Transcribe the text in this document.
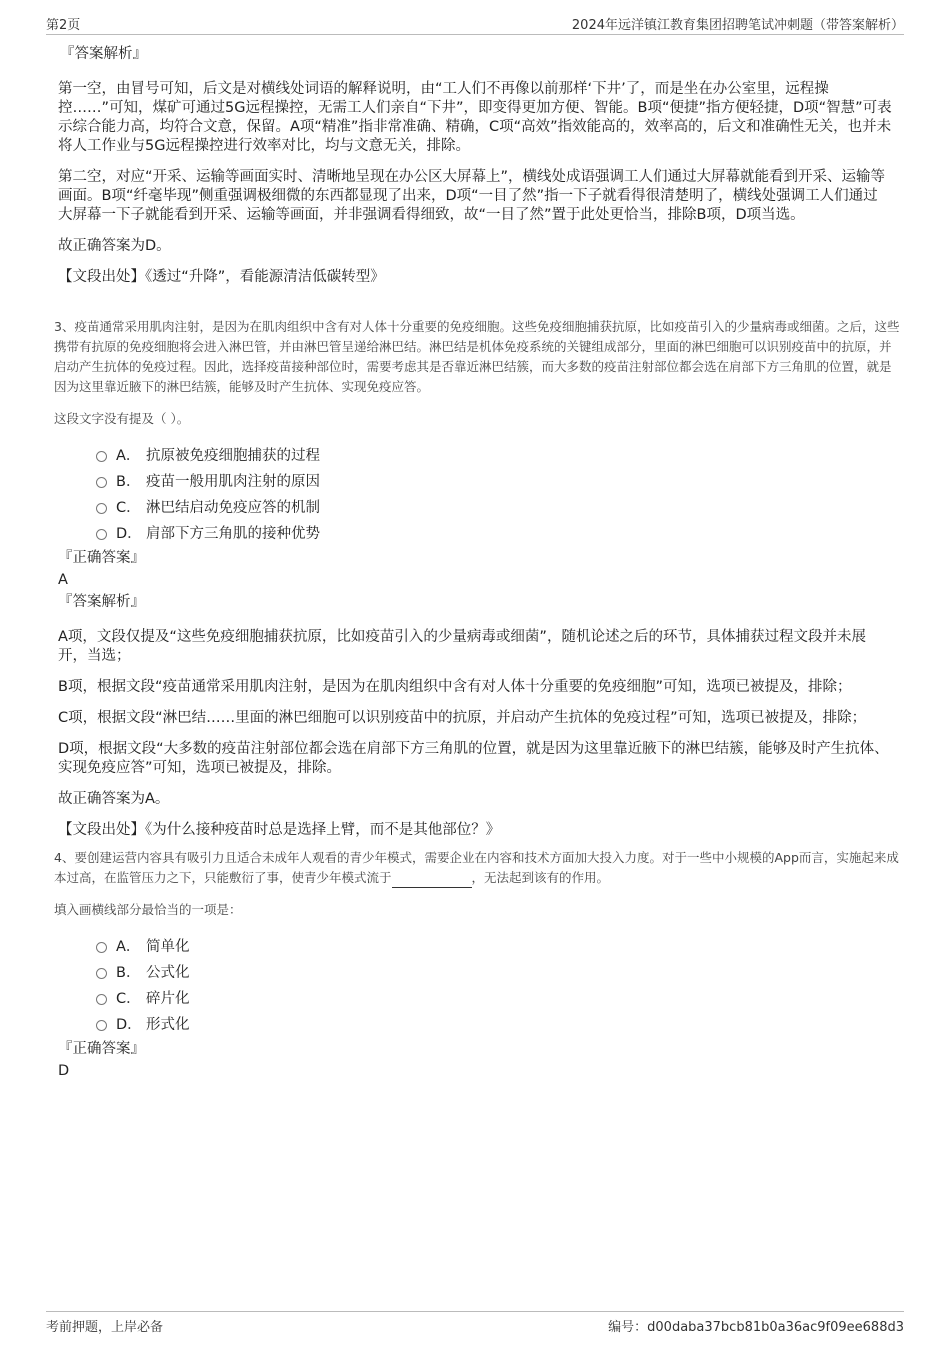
第2页	2024年远洋镇江教育集团招聘笔试冲刺题（带答案解析）
『答案解析』

第一空，由冒号可知，后文是对横线处词语的解释说明，由“工人们不再像以前那样‘下井’了，而是坐在办公室里，远程操控……”可知，煤矿可通过5G远程操控，无需工人们亲自“下井”，即变得更加方便、智能。B项“便捷”指方便轻捷，D项“智慧”可表示综合能力高，均符合文意，保留。A项“精准”指非常准确、精确，C项“高效”指效能高的，效率高的，后文和准确性无关，也并未将人工作业与5G远程操控进行效率对比，均与文意无关，排除。

第二空，对应“开采、运输等画面实时、清晰地呈现在办公区大屏幕上”，横线处成语强调工人们通过大屏幕就能看到开采、运输等画面。B项“纤毫毕现”侧重强调极细微的东西都显现了出来，D项“一目了然”指一下子就看得很清楚明了，横线处强调工人们通过大屏幕一下子就能看到开采、运输等画面，并非强调看得细致，故“一目了然”置于此处更恰当，排除B项，D项当选。

故正确答案为D。

【文段出处】《透过“升降”，看能源清洁低碳转型》

3、疫苗通常采用肌肉注射，是因为在肌肉组织中含有对人体十分重要的免疫细胞。这些免疫细胞捕获抗原，比如疫苗引入的少量病毒或细菌。之后，这些携带有抗原的免疫细胞将会进入淋巴管，并由淋巴管呈递给淋巴结。淋巴结是机体免疫系统的关键组成部分，里面的淋巴细胞可以识别疫苗中的抗原，并启动产生抗体的免疫过程。因此，选择疫苗接种部位时，需要考虑其是否靠近淋巴结簇，而大多数的疫苗注射部位都会选在肩部下方三角肌的位置，就是因为这里靠近腋下的淋巴结簇，能够及时产生抗体、实现免疫应答。

这段文字没有提及（ ）。

A． 抗原被免疫细胞捕获的过程
B． 疫苗一般用肌肉注射的原因
C． 淋巴结启动免疫应答的机制
D． 肩部下方三角肌的接种优势
『正确答案』
A
『答案解析』

A项，文段仅提及“这些免疫细胞捕获抗原，比如疫苗引入的少量病毒或细菌”，随机论述之后的环节，具体捕获过程文段并未展开，当选；

B项，根据文段“疫苗通常采用肌肉注射，是因为在肌肉组织中含有对人体十分重要的免疫细胞”可知，选项已被提及，排除；

C项，根据文段“淋巴结……里面的淋巴细胞可以识别疫苗中的抗原，并启动产生抗体的免疫过程”可知，选项已被提及，排除；

D项，根据文段“大多数的疫苗注射部位都会选在肩部下方三角肌的位置，就是因为这里靠近腋下的淋巴结簇，能够及时产生抗体、实现免疫应答”可知，选项已被提及，排除。

故正确答案为A。

【文段出处】《为什么接种疫苗时总是选择上臂，而不是其他部位？》

4、要创建运营内容具有吸引力且适合未成年人观看的青少年模式，需要企业在内容和技术方面加大投入力度。对于一些中小规模的App而言，实施起来成本过高，在监管压力之下，只能敷衍了事，使青少年模式流于	，无法起到该有的作用。

填入画横线部分最恰当的一项是：

A． 简单化
B． 公式化
C． 碎片化
D． 形式化
『正确答案』
D
考前押题，上岸必备	编号：d00daba37bcb81b0a36ac9f09ee688d3
